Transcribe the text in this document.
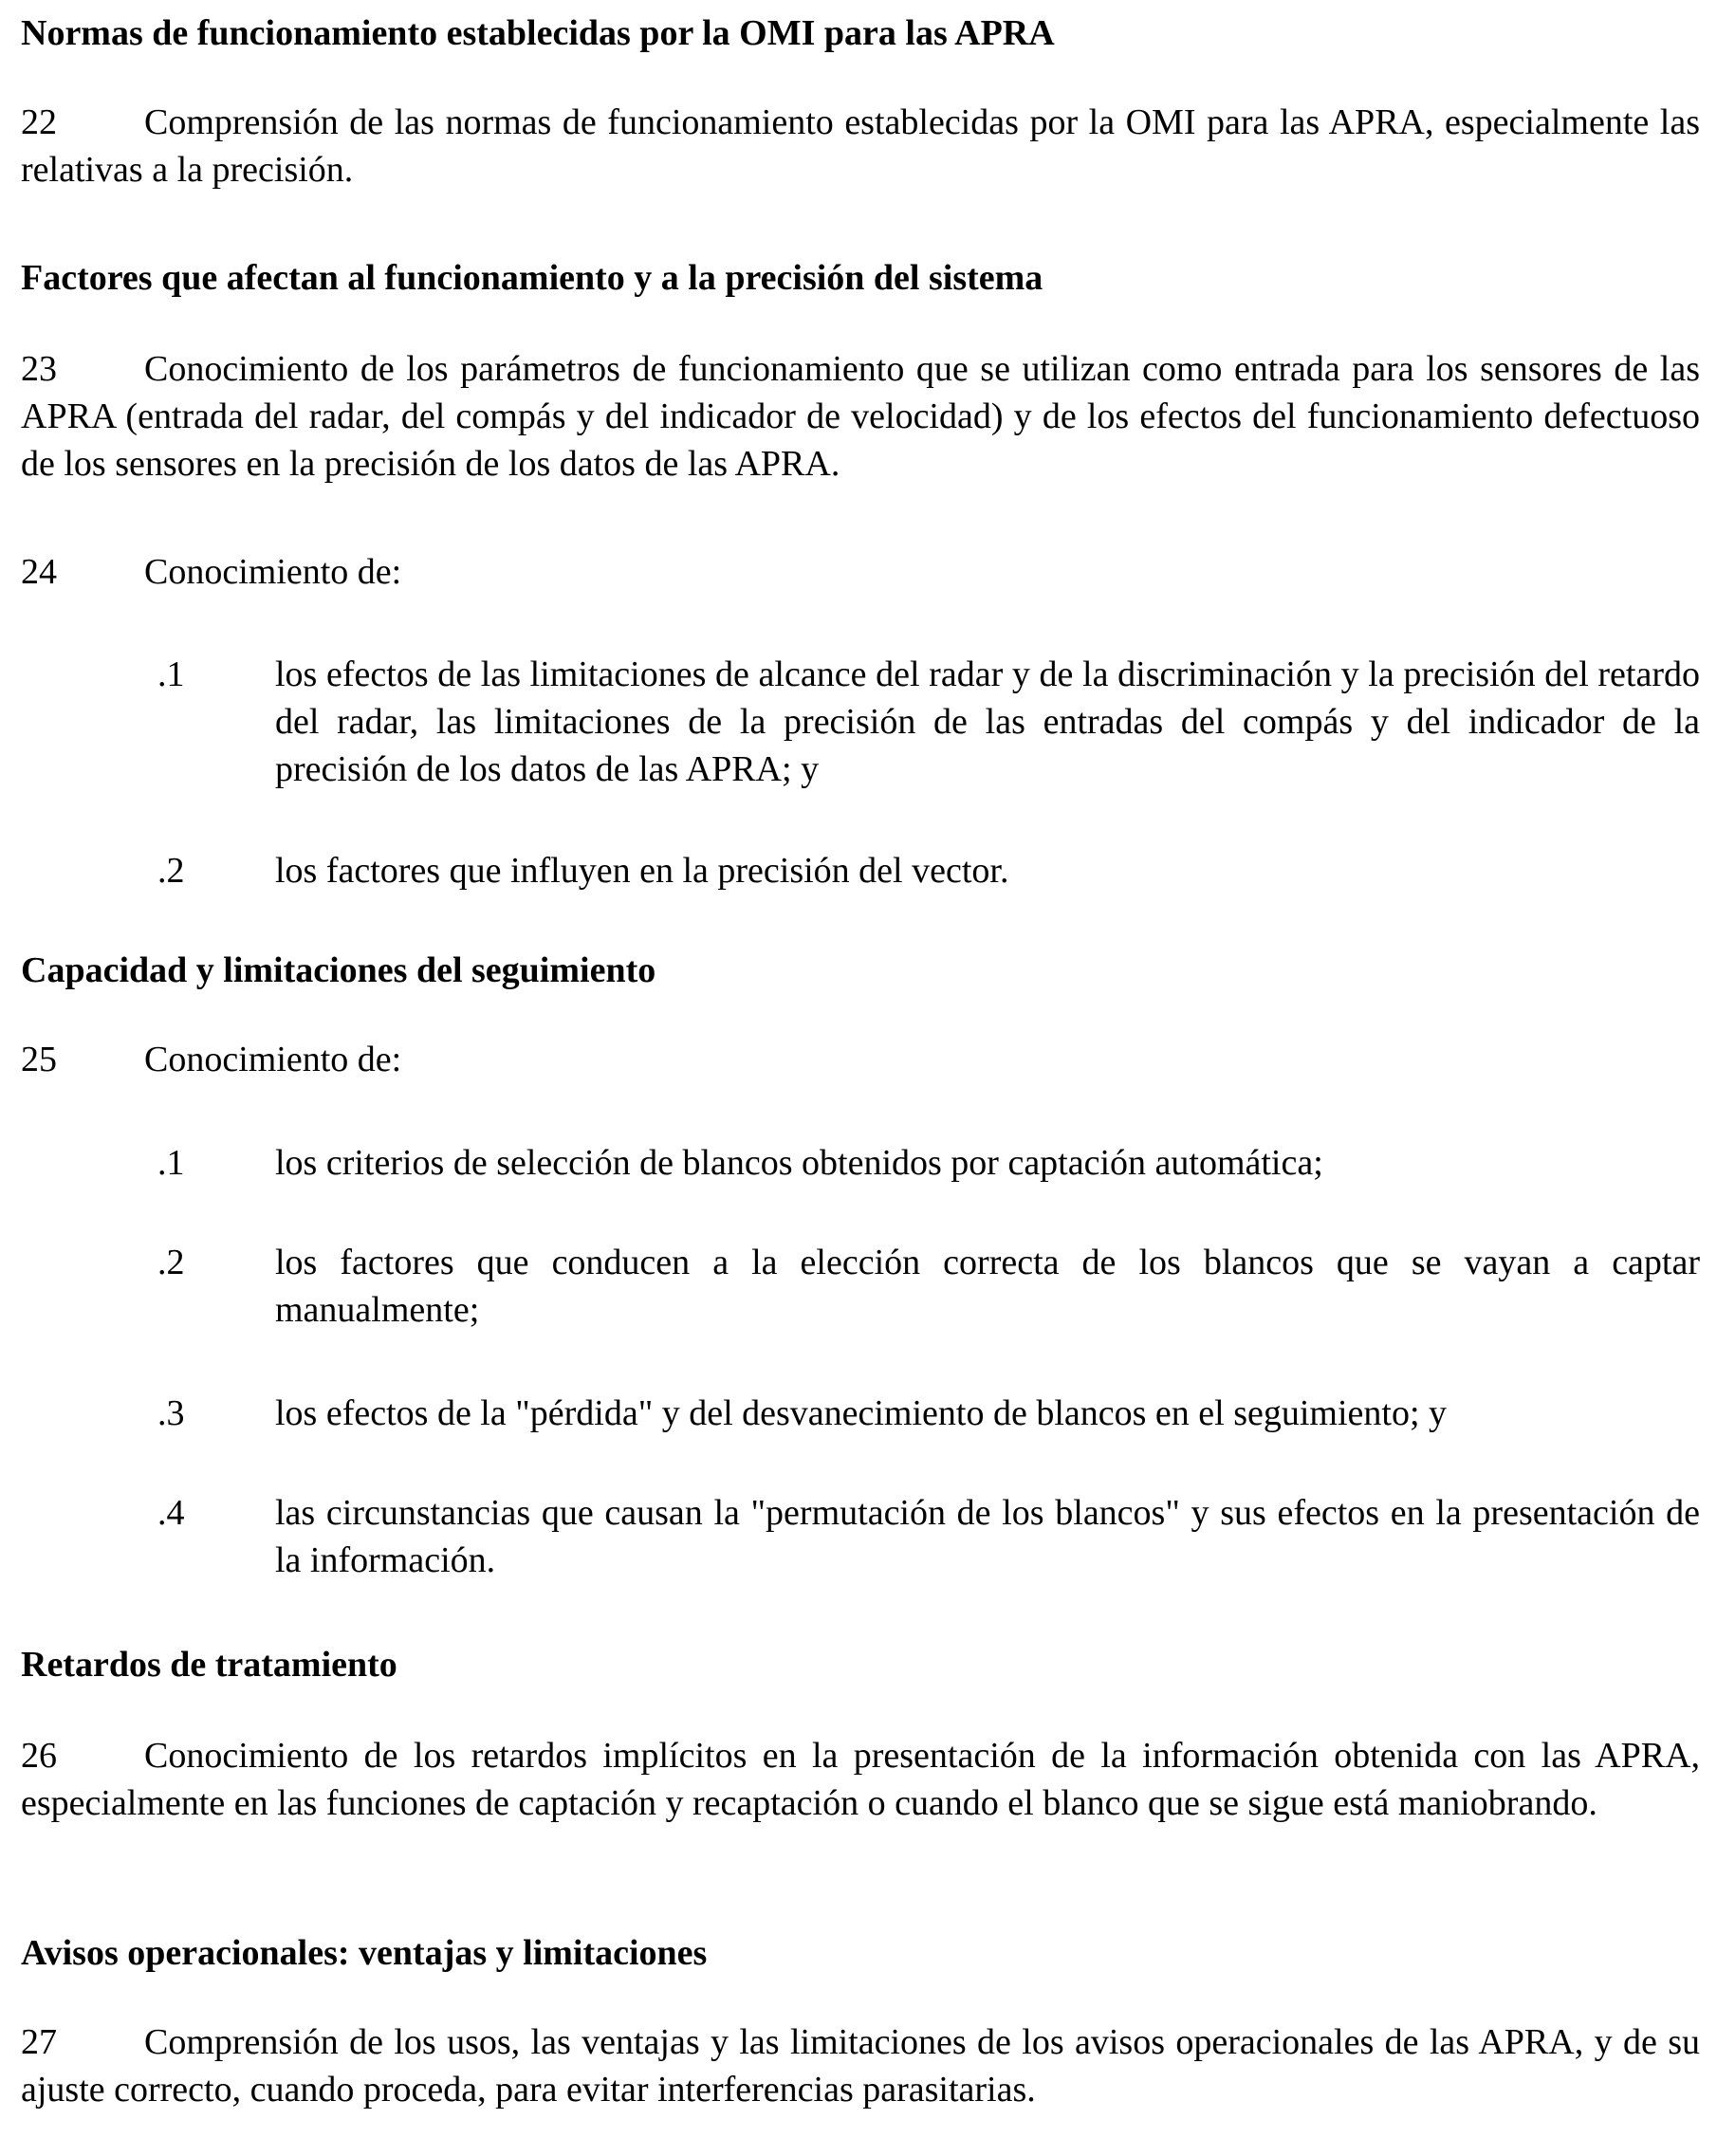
Normas de funcionamiento establecidas por la OMI para las APRA

22 Comprensión de las normas de funcionamiento establecidas por la OMI para las APRA, especialmente las relativas a la precisión.

Factores que afectan al funcionamiento y a la precisión del sistema

23 Conocimiento de los parámetros de funcionamiento que se utilizan como entrada para los sensores de las APRA (entrada del radar, del compás y del indicador de velocidad) y de los efectos del funcionamiento defectuoso de los sensores en la precisión de los datos de las APRA.

24 Conocimiento de:
.1	los efectos de las limitaciones de alcance del radar y de la discriminación y la precisión del retardo del radar, las limitaciones de la precisión de las entradas del compás y del indicador de la precisión de los datos de las APRA; y
.2	los factores que influyen en la precisión del vector.
Capacidad y limitaciones del seguimiento
25 Conocimiento de:
.1	los criterios de selección de blancos obtenidos por captación automática;
.2	los factores que conducen a la elección correcta de los blancos que se vayan a captar manualmente;
.3	los efectos de la "pérdida" y del desvanecimiento de blancos en el seguimiento; y
.4	las circunstancias que causan la "permutación de los blancos" y sus efectos en la presentación de la información.
Retardos de tratamiento

26 Conocimiento de los retardos implícitos en la presentación de la información obtenida con las APRA, especialmente en las funciones de captación y recaptación o cuando el blanco que se sigue está maniobrando.

Avisos operacionales: ventajas y limitaciones

27 Comprensión de los usos, las ventajas y las limitaciones de los avisos operacionales de las APRA, y de su ajuste correcto, cuando proceda, para evitar interferencias parasitarias.
